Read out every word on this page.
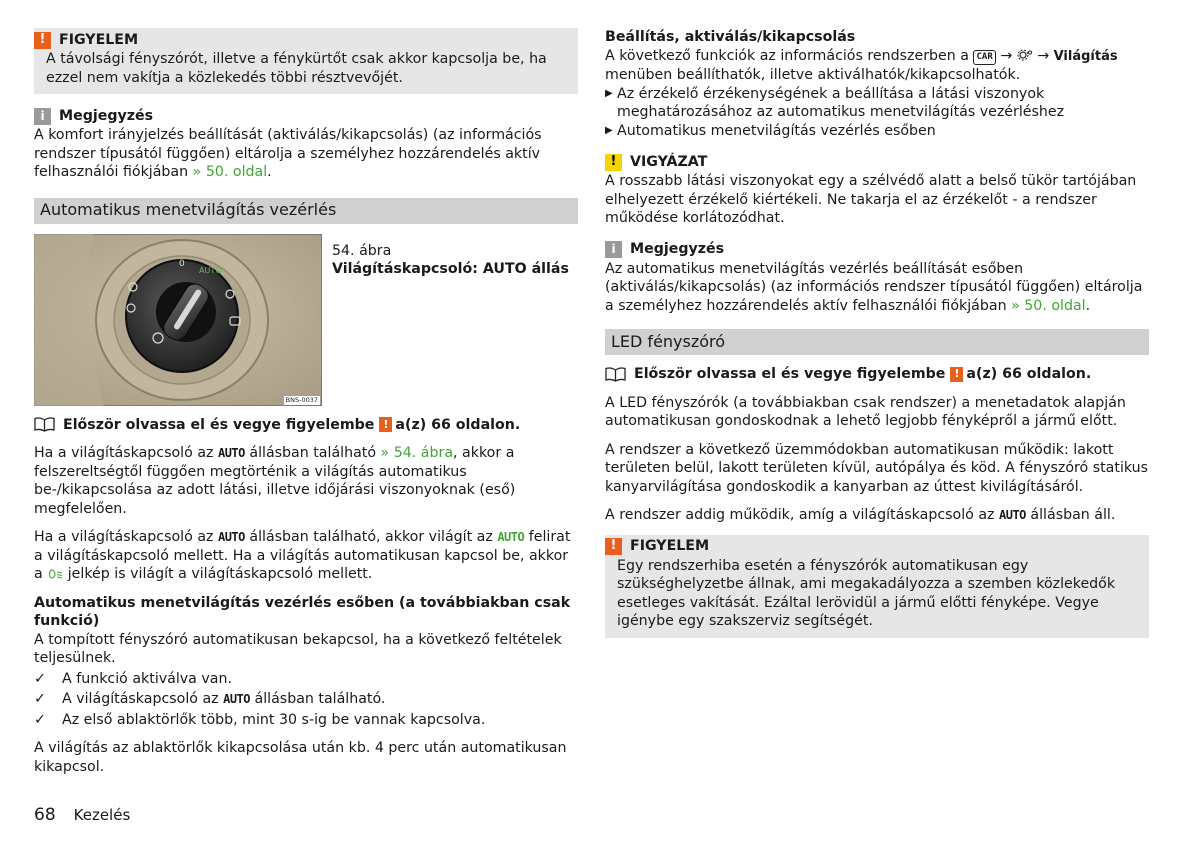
! FIGYELEM

A távolsági fényszórót, illetve a fénykürtőt csak akkor kapcsolja be, ha ezzel nem vakítja a közlekedés többi résztvevőjét.

i	Megjegyzés

A komfort irányjelzés beállítását (aktiválás/kikapcsolás) (az információs rendszer típusától függően) eltárolja a személyhez hozzárendelés aktív felhasználói fiókjában » 50. oldal.

Automatikus menetvilágítás vezérlés
0
AUTO
BNS-0037

54. ábra

Világításkapcsoló: AUTO állás

Először olvassa el és vegye figyelembe ! a(z) 66 oldalon.

Ha a világításkapcsoló az AUTO állásban található » 54. ábra, akkor a felszereltségtől függően megtörténik a világítás automatikus be-/kikapcsolása az adott látási, illetve időjárási viszonyoknak (eső) megfelelően.

Ha a világításkapcsoló az AUTO állásban található, akkor világít az AUTO felirat a világításkapcsoló mellett. Ha a világítás automatikusan kapcsol be, akkor a  jelkép is világít a világításkapcsoló mellett.

Automatikus menetvilágítás vezérlés esőben (a továbbiakban csak funkció)

A tompított fényszóró automatikusan bekapcsol, ha a következő feltételek teljesülnek.

✓	A funkció aktiválva van.
✓	A világításkapcsoló az AUTO állásban található.
✓	Az első ablaktörlők több, mint 30 s-ig be vannak kapcsolva.

A világítás az ablaktörlők kikapcsolása után kb. 4 perc után automatikusan kikapcsol.

Beállítás, aktiválás/kikapcsolás

A következő funkciók az információs rendszerben a CAR → → Világítás menüben beállíthatók, illetve aktiválhatók/kikapcsolhatók.

▶ Az érzékelő érzékenységének a beállítása a látási viszonyok meghatározásához az automatikus menetvilágítás vezérléshez
▶ Automatikus menetvilágítás vezérlés esőben
! VIGYÁZAT

A rosszabb látási viszonyokat egy a szélvédő alatt a belső tükör tartójában elhelyezett érzékelő kiértékeli. Ne takarja el az érzékelőt - a rendszer működése korlátozódhat.

i	Megjegyzés

Az automatikus menetvilágítás vezérlés beállítását esőben (aktiválás/kikapcsolás) (az információs rendszer típusától függően) eltárolja a személyhez hozzárendelés aktív felhasználói fiókjában » 50. oldal.

LED fényszóró
Először olvassa el és vegye figyelembe ! a(z) 66 oldalon.

A LED fényszórók (a továbbiakban csak rendszer) a menetadatok alapján automatikusan gondoskodnak a lehető legjobb fényképről a jármű előtt.

A rendszer a következő üzemmódokban automatikusan működik: lakott területen belül, lakott területen kívül, autópálya és köd. A fényszóró statikus kanyarvilágítása gondoskodik a kanyarban az úttest kivilágításáról.

A rendszer addig működik, amíg a világításkapcsoló az AUTO állásban áll.

! FIGYELEM

Egy rendszerhiba esetén a fényszórók automatikusan egy szükséghelyzetbe állnak, ami megakadályozza a szemben közlekedők esetleges vakítását. Ezáltal lerövidül a jármű előtti fényképe. Vegye igénybe egy szakszerviz segítségét.

68 Kezelés
